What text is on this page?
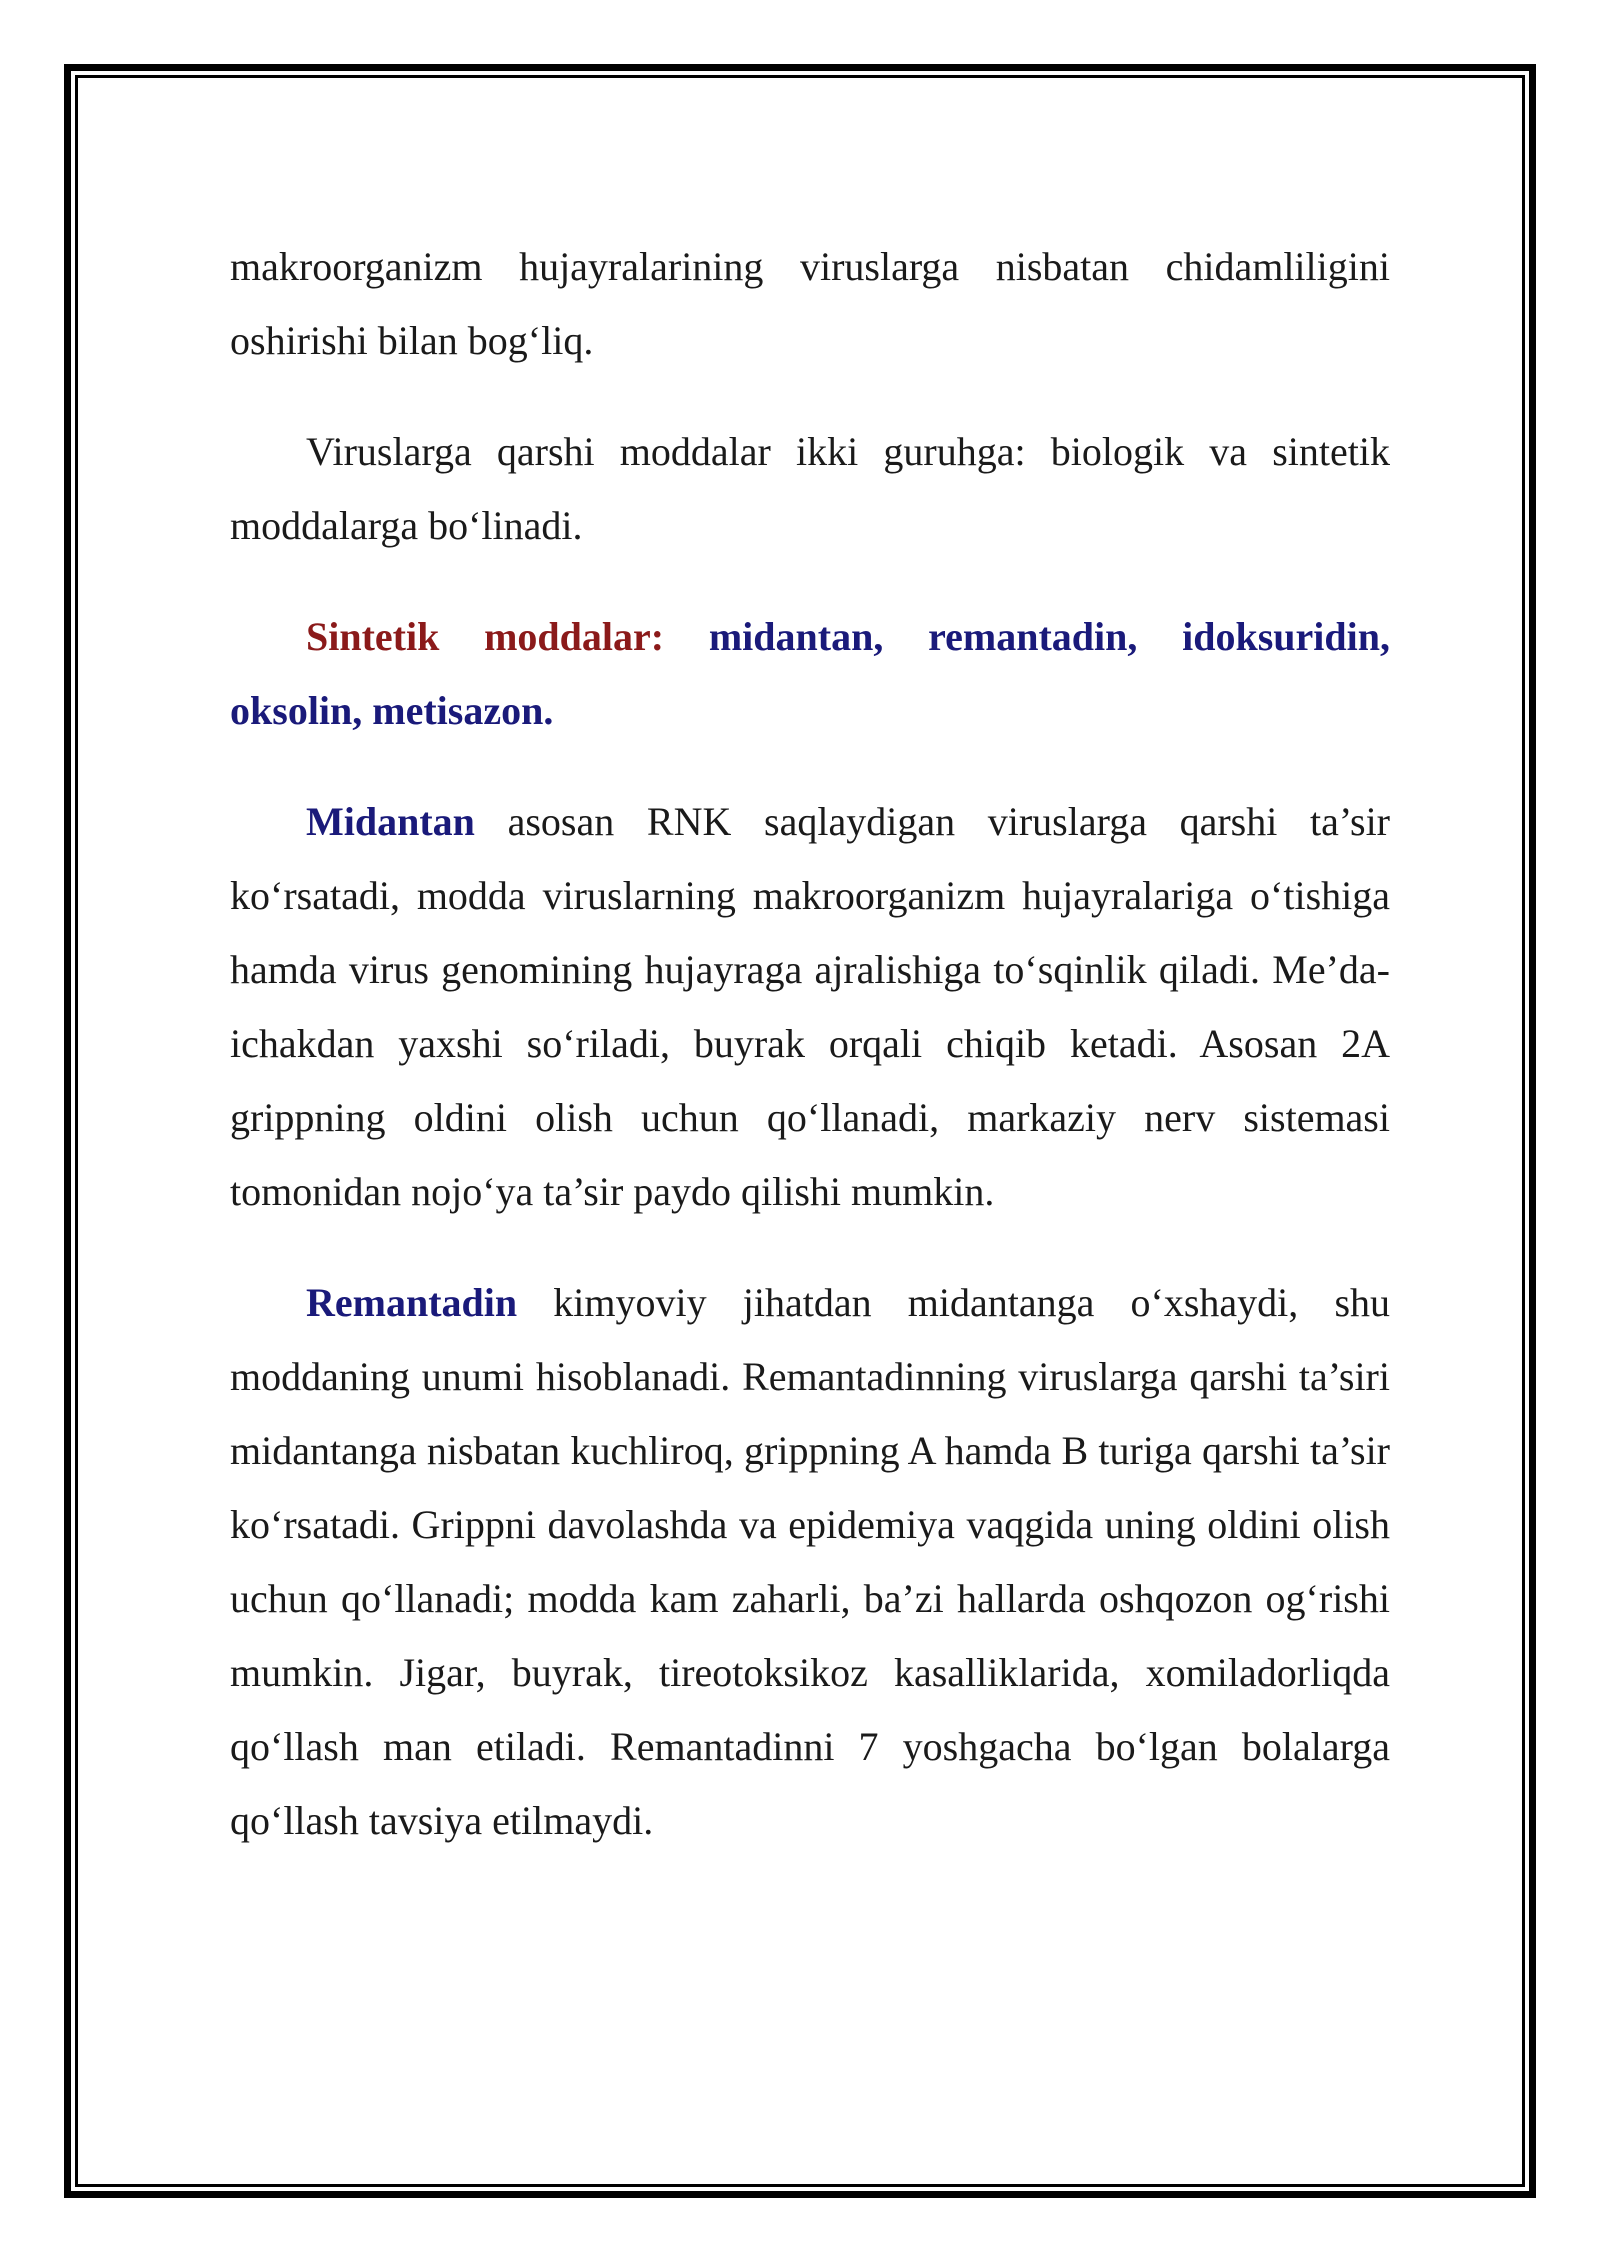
makroorganizm hujayralarining viruslarga nisbatan chidamliligini oshirishi bilan bog‘liq.

Viruslarga qarshi moddalar ikki guruhga: biologik va sintetik moddalarga bo‘linadi.

Sintetik moddalar: midantan, remantadin, idoksuridin, oksolin, metisazon.

Midantan asosan RNK saqlaydigan viruslarga qarshi ta’sir ko‘rsatadi, modda viruslarning makroorganizm hujayralariga o‘tishiga hamda virus genomining hujayraga ajralishiga to‘sqinlik qiladi. Me’da-ichakdan yaxshi so‘riladi, buyrak orqali chiqib ketadi. Asosan 2A grippning oldini olish uchun qo‘llanadi, markaziy nerv sistemasi tomonidan nojo‘ya ta’sir paydo qilishi mumkin.

Remantadin kimyoviy jihatdan midantanga o‘xshaydi, shu moddaning unumi hisoblanadi. Remantadinning viruslarga qarshi ta’siri midantanga nisbatan kuchliroq, grippning A hamda B turiga qarshi ta’sir ko‘rsatadi. Grippni davolashda va epidemiya vaqgida uning oldini olish uchun qo‘llanadi; modda kam zaharli, ba’zi hallarda oshqozon og‘rishi mumkin. Jigar, buyrak, tireotoksikoz kasalliklarida, xomiladorliqda qo‘llash man etiladi. Remantadinni 7 yoshgacha bo‘lgan bolalarga qo‘llash tavsiya etilmaydi.
